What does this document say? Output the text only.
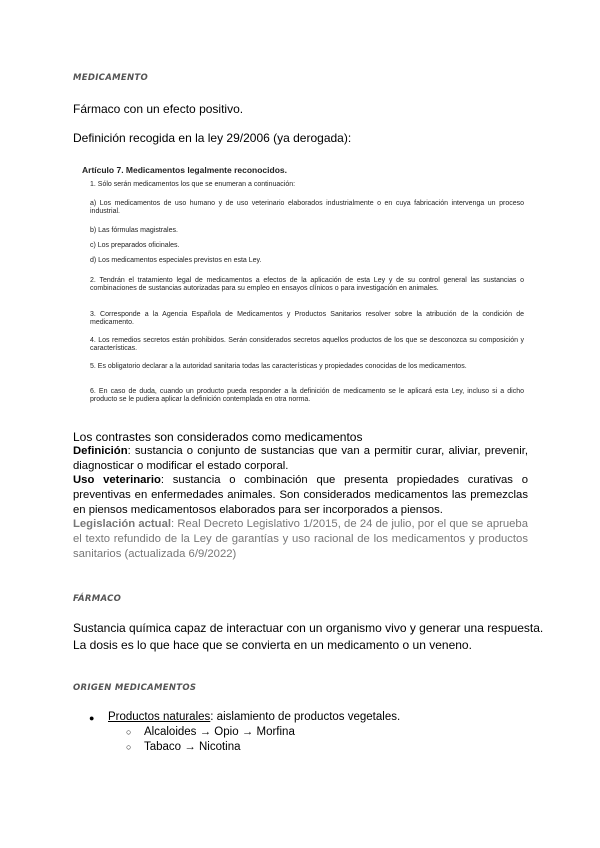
MEDICAMENTO

Fármaco con un efecto positivo.

Definición recogida en la ley 29/2006 (ya derogada):

Artículo 7. Medicamentos legalmente reconocidos.

1. Sólo serán medicamentos los que se enumeran a continuación:

a) Los medicamentos de uso humano y de uso veterinario elaborados industrialmente o en cuya fabricación intervenga un proceso industrial.

b) Las fórmulas magistrales.

c) Los preparados oficinales.

d) Los medicamentos especiales previstos en esta Ley.

2. Tendrán el tratamiento legal de medicamentos a efectos de la aplicación de esta Ley y de su control general las sustancias o combinaciones de sustancias autorizadas para su empleo en ensayos clínicos o para investigación en animales.

3. Corresponde a la Agencia Española de Medicamentos y Productos Sanitarios resolver sobre la atribución de la condición de medicamento.

4. Los remedios secretos están prohibidos. Serán considerados secretos aquellos productos de los que se desconozca su composición y características.

5. Es obligatorio declarar a la autoridad sanitaria todas las características y propiedades conocidas de los medicamentos.

6. En caso de duda, cuando un producto pueda responder a la definición de medicamento se le aplicará esta Ley, incluso si a dicho producto se le pudiera aplicar la definición contemplada en otra norma.

Los contrastes son considerados como medicamentos

Definición: sustancia o conjunto de sustancias que van a permitir curar, aliviar, prevenir, diagnosticar o modificar el estado corporal.

Uso veterinario: sustancia o combinación que presenta propiedades curativas o preventivas en enfermedades animales. Son considerados medicamentos las premezclas en piensos medicamentosos elaborados para ser incorporados a piensos.

Legislación actual: Real Decreto Legislativo 1/2015, de 24 de julio, por el que se aprueba el texto refundido de la Ley de garantías y uso racional de los medicamentos y productos sanitarios (actualizada 6/9/2022)

FÁRMACO

Sustancia química capaz de interactuar con un organismo vivo y generar una respuesta.

La dosis es lo que hace que se convierta en un medicamento o un veneno.

ORIGEN MEDICAMENTOS
● Productos naturales: aislamiento de productos vegetales.
○ Alcaloides → Opio → Morfina
○ Tabaco → Nicotina
